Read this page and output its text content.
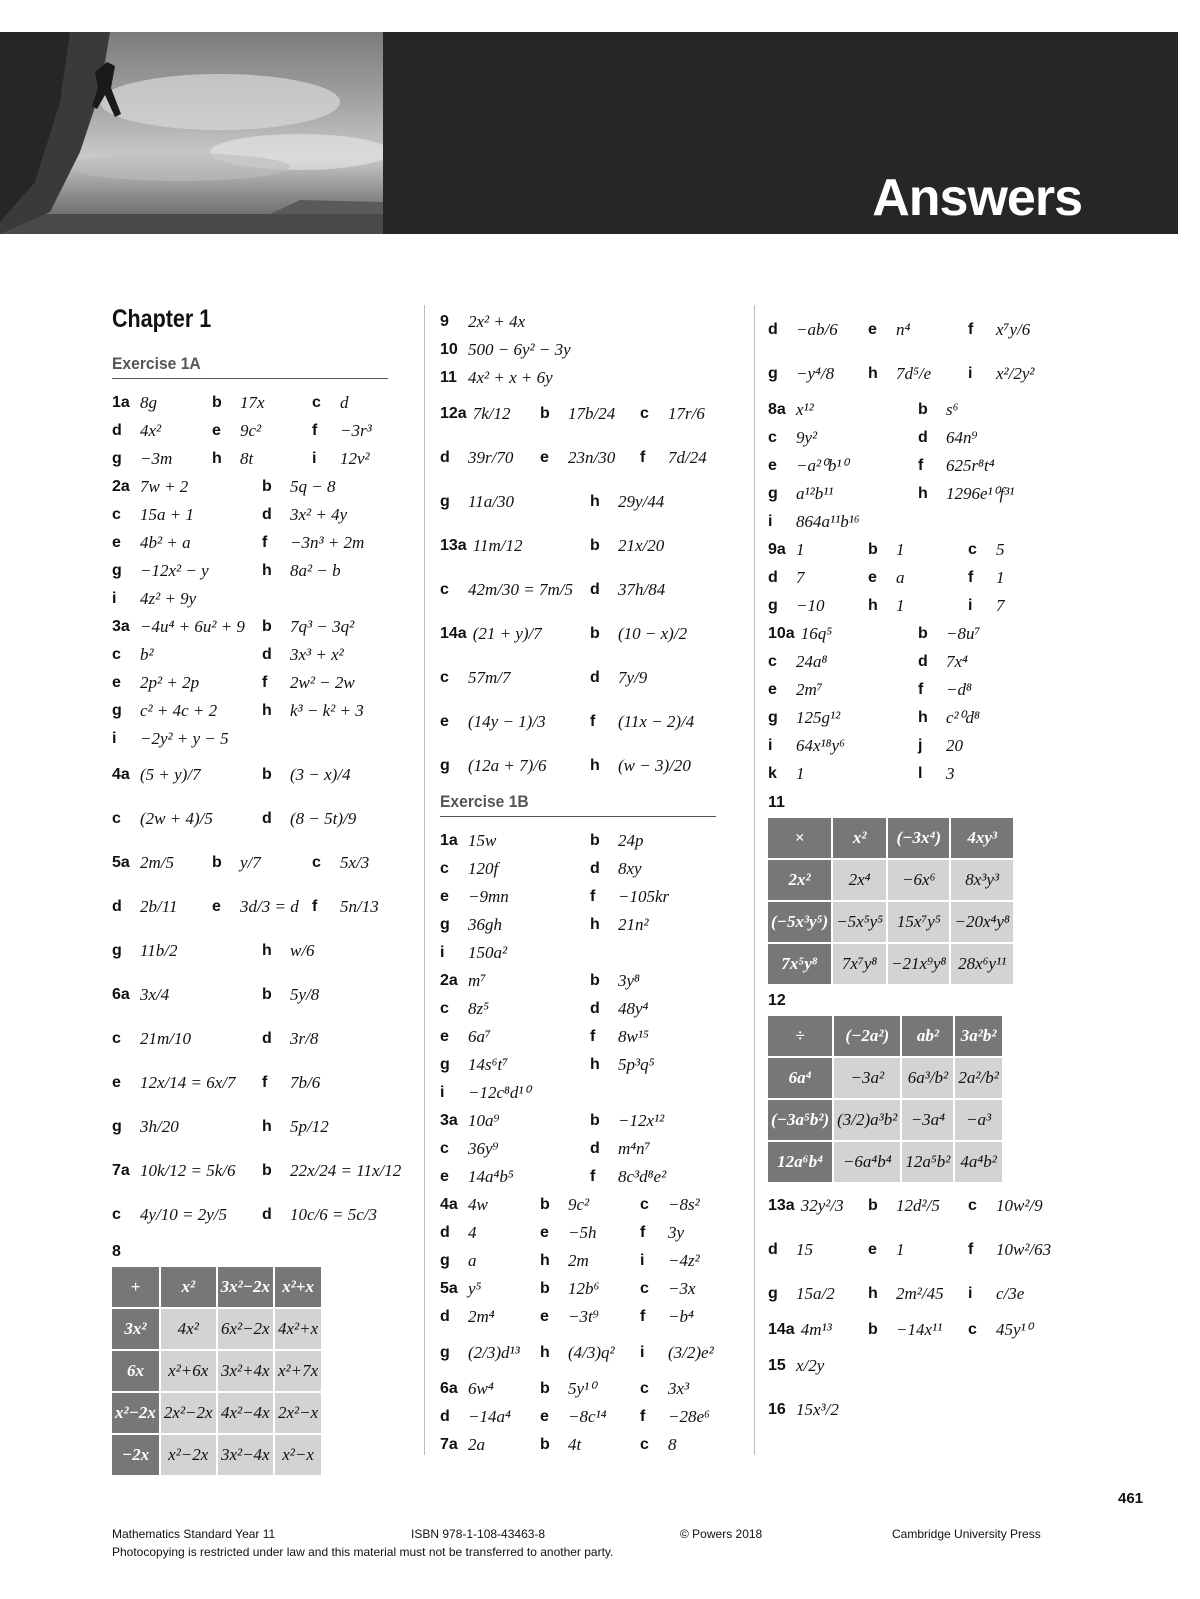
Answers
Chapter 1
Exercise 1A
1a 8g	b	17x	c	d
d	4x²	e	9c²	f	−3r³
g	−3m h	8t	i	12v²
2a 7w + 2	b	5q − 8
c	15a + 1	d	3x² + 4y
e	4b² + a	f	−3n³ + 2m
g	−12x² − y	h	8a² − b
i	4z² + 9y
3a −4u⁴ + 6u² + 9 b	7q³ − 3q²
c	b²	d	3x³ + x²
e	2p² + 2p	f	2w² − 2w
g	c² + 4c + 2	h	k³ − k² + 3
i	−2y² + y − 5
4a (5 + y)/7	b	(3 − x)/4
c	(2w + 4)/5	d	(8 − 5t)/9
5a 2m/5 b	y/7	c	5x/3
d	2b/11 e	3d/3 = d f	5n/13
g	11b/2	h	w/6
6a 3x/4	b	5y/8
c	21m/10	d	3r/8
e	12x/14 = 6x/7 f	7b/6
g	3h/20	h	5p/12
7a 10k/12 = 5k/6 b	22x/24 = 11x/12
c	4y/10 = 2y/5 d	10c/6 = 5c/3
8
+	x²	3x²−2x	x²+x
3x²	4x²	6x²−2x	4x²+x
6x	x²+6x	3x²+4x	x²+7x
x²−2x	2x²−2x	4x²−4x	2x²−x
−2x	x²−2x	3x²−4x	x²−x
9	2x² + 4x
10 500 − 6y² − 3y
11 4x² + x + 6y
12a 7k/12 b	17b/24 c	17r/6
d	39r/70 e	23n/30 f	7d/24
g	11a/30	h	29y/44
13a 11m/12	b	21x/20
c	42m/30 = 7m/5 d	37h/84
14a (21 + y)/7	b	(10 − x)/2
c	57m/7	d	7y/9
e	(14y − 1)/3	f	(11x − 2)/4
g	(12a + 7)/6	h	(w − 3)/20
Exercise 1B
1a 15w	b	24p
c	120f	d	8xy
e	−9mn	f	−105kr
g	36gh	h	21n²
i	150a²
2a m⁷	b	3y⁸
c	8z⁵	d	48y⁴
e	6a⁷	f	8w¹⁵
g	14s⁶t⁷	h	5p³q⁵
i	−12c⁸d¹⁰
3a 10a⁹	b	−12x¹²
c	36y⁹	d	m⁴n⁷
e	14a⁴b⁵	f	8c³d⁸e²
4a 4w	b	9c²	c	−8s²
d	4	e	−5h	f	3y
g	a	h	2m	i	−4z²
5a y⁵	b	12b⁶	c	−3x
d	2m⁴	e	−3t⁹	f	−b⁴
g	(2/3)d¹³ h	(4/3)q² i	(3/2)e²
6a 6w⁴	b	5y¹⁰	c	3x³
d	−14a⁴ e	−8c¹⁴ f	−28e⁶
7a 2a	b	4t	c	8
d	−ab/6 e	n⁴	f	x⁷y/6
g	−y⁴/8 h	7d⁵/e i	x²/2y²
8a x¹²	b	s⁶
c	9y²	d	64n⁹
e	−a²⁰b¹⁰	f	625r⁸t⁴
g	a¹²b¹¹	h	1296e¹⁰f³¹
i	864a¹¹b¹⁶
9a 1	b	1	c	5
d	7	e	a	f	1
g	−10	h	1	i	7
10a 16q⁵	b	−8u⁷
c	24a⁸	d	7x⁴
e	2m⁷	f	−d⁸
g	125g¹²	h	c²⁰d⁸
i	64x¹⁸y⁶	j	20
k	1	l	3
11
×	x²	(−3x⁴)	4xy³
2x²	2x⁴	−6x⁶	8x³y³
(−5x³y⁵)	−5x⁵y⁵	15x⁷y⁵	−20x⁴y⁸
7x⁵y⁸	7x⁷y⁸	−21x⁹y⁸	28x⁶y¹¹
12
÷	(−2a²)	ab²	3a²b²
6a⁴	−3a²	6a³/b²	2a²/b²
(−3a⁵b²)	(3/2)a³b²	−3a⁴	−a³
12a⁶b⁴	−6a⁴b⁴	12a⁵b²	4a⁴b²
13a 32y²/3 b	12d²/5 c	10w²/9
d	15	e	1	f	10w²/63
g	15a/2 h	2m²/45 i	c/3e
14a 4m¹³ b	−14x¹¹ c	45y¹⁰
15 x/2y
16 15x³/2
461
Mathematics Standard Year 11	ISBN 978-1-108-43463-8	© Powers 2018	Cambridge University Press
Photocopying is restricted under law and this material must not be transferred to another party.
